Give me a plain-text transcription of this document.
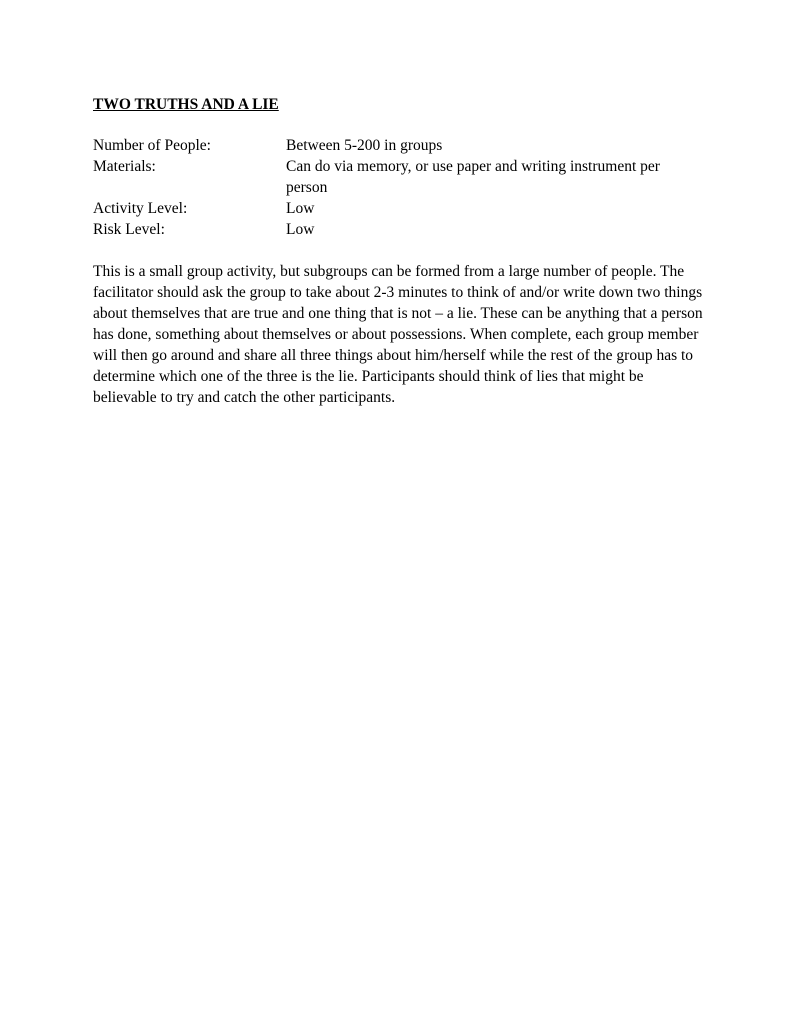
TWO TRUTHS AND A LIE
Number of People:	Between 5-200 in groups
Materials:	Can do via memory, or use paper and writing instrument per person
Activity Level:	Low
Risk Level:	Low

This is a small group activity, but subgroups can be formed from a large number of people. The facilitator should ask the group to take about 2-3 minutes to think of and/or write down two things about themselves that are true and one thing that is not – a lie. These can be anything that a person has done, something about themselves or about possessions. When complete, each group member will then go around and share all three things about him/herself while the rest of the group has to determine which one of the three is the lie. Participants should think of lies that might be believable to try and catch the other participants.
